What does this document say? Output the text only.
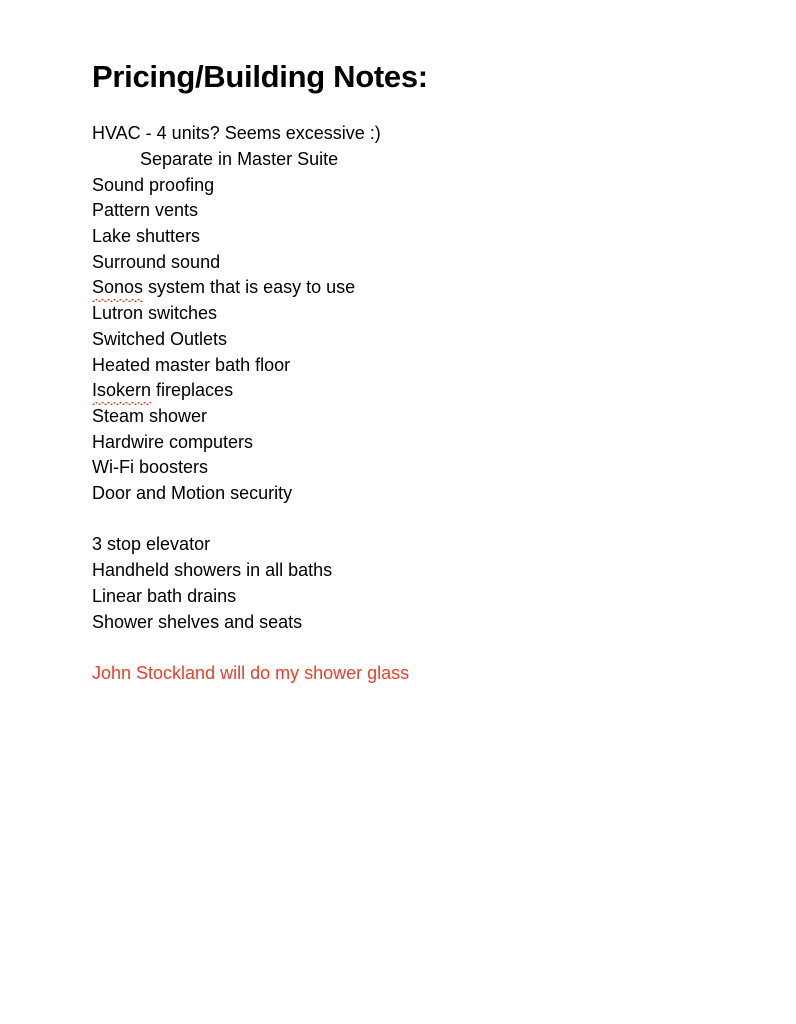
Pricing/Building Notes:
HVAC - 4 units? Seems excessive :)
Separate in Master Suite
Sound proofing
Pattern vents
Lake shutters
Surround sound
Sonos system that is easy to use
Lutron switches
Switched Outlets
Heated master bath floor
Isokern fireplaces
Steam shower
Hardwire computers
Wi-Fi boosters
Door and Motion security
3 stop elevator
Handheld showers in all baths
Linear bath drains
Shower shelves and seats
John Stockland will do my shower glass
